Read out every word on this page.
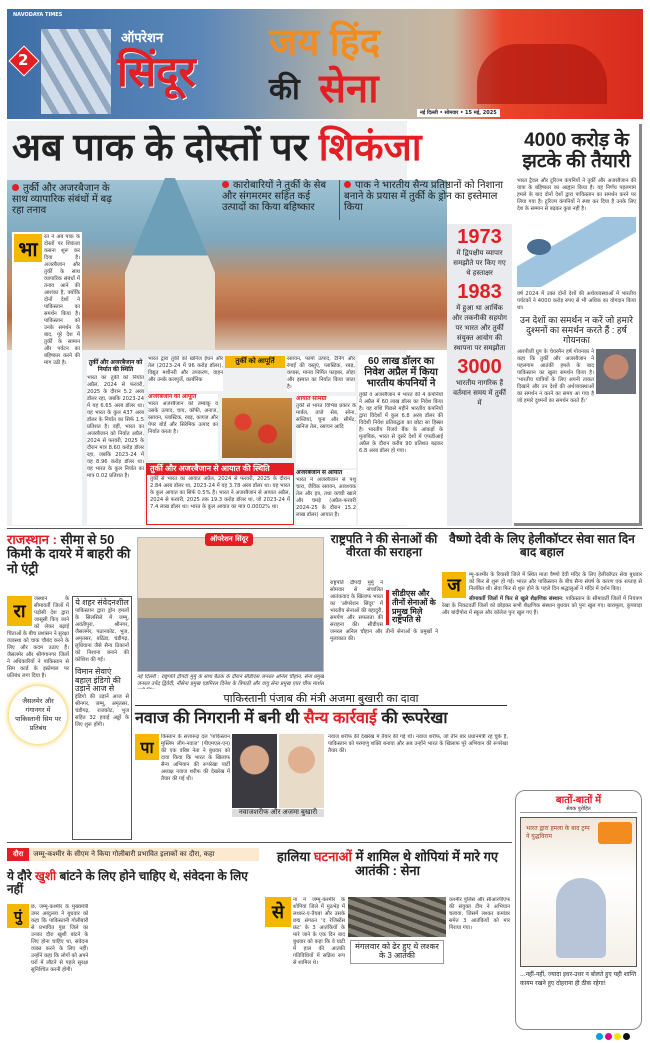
NAVODAYA TIMES
2
ऑपरेशन
सिंदूर
जय हिंद
की सेना
नई दिल्ली • सोमवार • 15 मई, 2025
अब पाक के दोस्तों पर शिकंजा
तुर्की और अजरबैजान के साथ व्यापारिक संबंधों में बढ़ रहा तनाव
कारोबारियों ने तुर्की के सेब और संगमरमर सहित कई उत्पादों का किया बहिष्कार
पाक ने भारतीय सैन्य प्रतिष्ठानों को निशाना बनाने के प्रयास में तुर्की के ड्रोन का इस्तेमाल किया
भा
रत ने अब पाक के दोस्तों पर शिकंजा कसना शुरू कर दिया है। अजरबैजान और तुर्की के साथ व्यापारिक संबंधों में तनाव आने की आशंका है, क्योंकि दोनों देशों ने पाकिस्तान का समर्थन किया है। पाकिस्तान को उनके समर्थन के बाद, पूरे देश में तुर्की के सामान और पर्यटन का बहिष्कार करने की मांग उठी है।	तुर्की और अजरबैजान को निर्यात की स्थिति
भारत का तुर्की को निर्यात अप्रैल, 2024 से फरवरी, 2025 के दौरान 5.2 अरब डॉलर रहा, जबकि 2023-24 में यह 6.65 अरब डॉलर था। यह भारत के कुल 437 अरब डॉलर के निर्यात का सिर्फ 1.5 प्रतिशत है। वहीं, भारत का अजरबैजान को निर्यात अप्रैल, 2024 से फरवरी, 2025 के दौरान मात्र 8.60 करोड़ डॉलर रहा, जबकि 2023-24 में यह 8.96 करोड़ डॉलर था। यह भारत के कुल निर्यात का मात्र 0.02 प्रतिशत है।
भारत द्वारा तुर्की को खनिज ईंधन और तेल (2023-24 में 96 करोड़ डॉलर), विद्युत मशीनरी और उपकरण, वाहन और उनके कलपुर्जे, कार्बनिक
तुर्की को आपूर्ति	रसायन, फार्मा उत्पाद, टैनिंग और रंगाई की वस्तुएं, प्लास्टिक, रबड़, कपास, मानव निर्मित फाइबर, लोहा और इस्पात का निर्यात किया जाता है।
अजरबैजान को आपूर्ति
भारत अजरबैजान को तम्बाकू व उसके उत्पाद, चाय, कॉफी, अनाज, रसायन, प्लास्टिक, रबड़, कागज और पेपर बोर्ड और सिरेमिक उत्पाद का निर्यात करता है।
आयात सामग्री
तुर्की से भारत विभिन्न प्रकार के मार्बल, ताजे सेब, सोना, सब्जियां, चूना और सीमेंट, खनिज तेल, रसायन आदि
तुर्की और अजरबैजान से आयात की स्थिति
तुर्की से भारत का आयात अप्रैल, 2024 से फरवरी, 2025 के दौरान 2.84 अरब डॉलर था, 2023-24 में यह 3.78 अरब डॉलर था। यह भारत के कुल आयात का सिर्फ 0.5% है। भारत ने अजरबैजान से आयात अप्रैल, 2024 से फरवरी, 2025 तक 19.3 करोड़ डॉलर था, जो 2023-24 में 7.4 लाख डॉलर था। भारत के कुल आयात का मात्र 0.0002% था।
अजरबैजान से आयात
भारत ने अजरबैजान से पशु चारा, जैविक रसायन, आवश्यक तेल और इत्र, तथा कच्ची खाले और चमड़े (अप्रैल-फरवरी 2024-25 के दौरान 15.2 लाख डॉलर) आयात है।
60 लाख डॉलर का निवेश अप्रैल में किया भारतीय कंपनियों ने
तुर्की व अजरबैजान में भारत की 4 कंपनियों ने अप्रैल में 60 लाख डॉलर का निवेश किया है। यह राशि पिछले महीने भारतीय कंपनियों द्वारा विदेशों में कुल 6.8 अरब डॉलर की विदेशी निवेश प्रतिबद्धता का छोटा सा हिस्सा है। भारतीय रिजर्व बैंक के आंकड़ों के मुताबिक, भारत से दूसरे देशों में एफडीआई अप्रैल के दौरान करीब 90 प्रतिशत बढ़कर 6.8 अरब डॉलर हो गया।
1973
में द्विपक्षीय व्यापार समझौते पर किए गए थे हस्ताक्षर
1983
में हुआ था आर्थिक और तकनीकी सहयोग पर भारत और तुर्की संयुक्त आयोग की स्थापना पर समझौता
3000
भारतीय नागरिक हैं वर्तमान समय में तुर्की में
4000 करोड़ के झटके की तैयारी
भारत ट्रैवल और टूरिज्म कंपनियों ने तुर्की और अजरबैजान की यात्रा के बहिष्कार का आह्वान किया है। यह निर्णय पहलगाम हमले के बाद दोनों देशों द्वारा पाकिस्तान का समर्थन करने पर लिया गया है। टूरिज्म कंपनियों ने स्पष्ट कर दिया है उनके लिए देश के सम्मान से बढ़कर कुछ नहीं है।
वर्ष 2024 में उक्त दोनों देशों की अर्थव्यवस्थाओं में भारतीय पर्यटकों ने 4000 करोड़ रुपए से भी अधिक का योगदान किया था।
उन देशों का समर्थन न करें जो हमारे दुश्मनों का समर्थन करते हैं : हर्ष गोयनका
आरपीजी ग्रुप के चेयरमैन हर्ष गोयनका ने कहा कि तुर्की और अजरबैजान ने पहलगाम आतंकी हमले के बाद पाकिस्तान का खुला समर्थन किया है। 'भारतीय यात्रियों के लिए अपनी ताकत दिखाने और उन देशों की अर्थव्यवस्थाओं का समर्थन न करने का समय आ गया है जो हमारे दुश्मनों का समर्थन करते हैं।'
राजस्थान : सीमा से 50 किमी के दायरे में बाहरी की नो एंट्री
रा
जस्थान के सीमावर्ती जिलों में पड़ोसी देश द्वारा जासूसी किए जाने को लेकर बढ़ाई चिंताओं के बीच प्रशासन ने सुरक्षा व्यवस्था को चाक चौबंद करने के लिए और कदम उठाए हैं। जैसलमेर और श्रीगंगानगर जिलों ने अधिकारियों ने पाकिस्तान से सिम कार्ड के इस्तेमाल पर प्रतिबंध लगा दिया है।
जैसलमेर और गंगानगर में पाकिस्तानी सिम पर प्रतिबंध
ये शहर संवेदनशील
पाकिस्तान द्वारा ड्रोन हमलों के सिलसिले में जम्मू, अवंतीपुरा, श्रीनगर, जैसलमेर, पठानकोट, भुज, अमृतसर, बठिंडा, चंडीगढ़, लुधियाना जैसे सैन्य ठिकानों को निशाना बनाने की कोशिश की गई।
विमान सेवाएं बहाल इंडिगो की उड़ानें आज से
इंडिगो की उड़ानें आज से श्रीनगर, जम्मू, अमृतसर, चंडीगढ़, राजकोट, भुज सहित 32 हवाई अड्डों के लिए शुरू होंगी।
ऑपरेशन सिंदूर
नई दिल्ली : राष्ट्रपति द्रौपदी मुर्मु के साथ बैठक के दौरान सीडीएस जनरल अनिल चौहान, सेना प्रमुख जनरल उपेंद्र द्विवेदी, नौसेना प्रमुख एडमिरल दिनेश के त्रिपाठी और वायु सेना प्रमुख एयर चीफ मार्शल
राष्ट्रपति ने की सेनाओं की वीरता की सराहना
सीडीएस और तीनों सेनाओं के प्रमुख मिले राष्ट्रपति से
राष्ट्रपति द्रौपदी मुर्मु ने सोमवार से संचालित आतंकवाद के खिलाफ भारत का 'ऑपरेशन सिंदूर' में भारतीय सेनाओं की बहादुरी, समर्पण और सफलता की सराहना की। सीडीएस जनरल अनिल चौहान और तीनों सेनाओं के प्रमुखों ने मुलाकात की।
वैष्णो देवी के लिए हेलीकॉप्टर सेवा सात दिन बाद बहाल
ज	म्मू-कश्मीर के रियासी जिले में स्थित माता वैष्णो देवी मंदिर के लिए हेलीकॉप्टर सेवा बुधवार को फिर से शुरू हो गई। भारत और पाकिस्तान के बीच सैन्य संघर्ष के कारण एक सप्ताह से निलंबित थी। सेवा फिर से शुरू होने के पहले दिन श्रद्धालुओं ने मंदिर में दर्शन किए।
सीमावर्ती जिलों में फिर से खुले शैक्षणिक संस्थान: पाकिस्तान के सीमावर्ती जिलों में नियंत्रण रेखा के निकटवर्ती जिलों को छोड़कर सभी शैक्षणिक संस्थान बुधवार को पुनः खुल गए। बारामूला, कुपवाड़ा और बांदीपोरा में स्कूल और कॉलेज पुनः खुल गए हैं।
पाकिस्तानी पंजाब की मंत्री अजमा बुखारी का दावा
नवाज की निगरानी में बनी थी सैन्य कार्रवाई की रूपरेखा
पा
किस्तान के सत्तारूढ़ दल 'पाकिस्तान मुस्लिम लीग-नवाज' (पीएमएल-एन) की एक वरिष्ठ नेता ने बुधवार को दावा किया कि भारत के खिलाफ सैन्य अभियान की रूपरेखा पार्टी अध्यक्ष नवाज शरीफ की देखरेख में तैयार की गई थी।
नवाजशरीफ और अजमा बुखारी
नवाज शरीफ की देखरेख में तैयार की गई थी। नवाज शरीफ, जो तीन बार प्रधानमंत्री रह चुके हैं, पाकिस्तान को परमाणु शक्ति बनाया और अब उन्होंने भारत के खिलाफ पूरे अभियान की रूपरेखा तैयार की।
बातों-बातों में
सेवक पुरोहित
भारत द्वारा हमला के बाद ट्रम्प ने युद्धविराम
...नहीं-नहीं, ज्यादा इधर-उधर न बोलते हुए यही शान्ति कायम रखने हुए दोहराना ही ठीक रहेगा!
दौरा	जम्मू-कश्मीर के सीएम ने किया गोलीबारी प्रभावित इलाकों का दौरा, कहा
ये दौरे खुशी बांटने के लिए होने चाहिए थे, संवेदना के लिए नहीं
पुं
छ, जम्मू-कश्मीर के मुख्यमंत्री उमर अब्दुल्ला ने बुधवार को कहा कि पाकिस्तानी गोलीबारी से प्रभावित पुंछ जिले का उनका दौरा खुशी बांटने के लिए होना चाहिए था, संवेदना व्यक्त करने के लिए नहीं। उन्होंने कहा कि लोगों को अपने घरों में लौटने से पहले सुरक्षा सुनिश्चित करनी होगी।
हालिया घटनाओं में शामिल थे शोपियां में मारे गए आतंकी : सेना
से
ना ने जम्मू-कश्मीर के शोपियां जिले में मुठभेड़ में लश्कर-ए-तैयबा और उसके छद्म संगठन 'द रेजिस्टेंस फ्रंट' के 3 आतंकियों के मारे जाने के एक दिन बाद बुधवार को कहा कि वे घाटी में हाल की आतंकी गतिविधियों में सक्रिय रूप से शामिल थे।
मंगलवार को ढेर हुए थे लश्कर के 3 आतंकी
कश्मीर पुलिस और सीआरपीएफ की संयुक्त टीम ने अभियान चलाया, जिसमें लश्कर कमांडर समेत 3 आतंकियों को मार गिराया गया।
